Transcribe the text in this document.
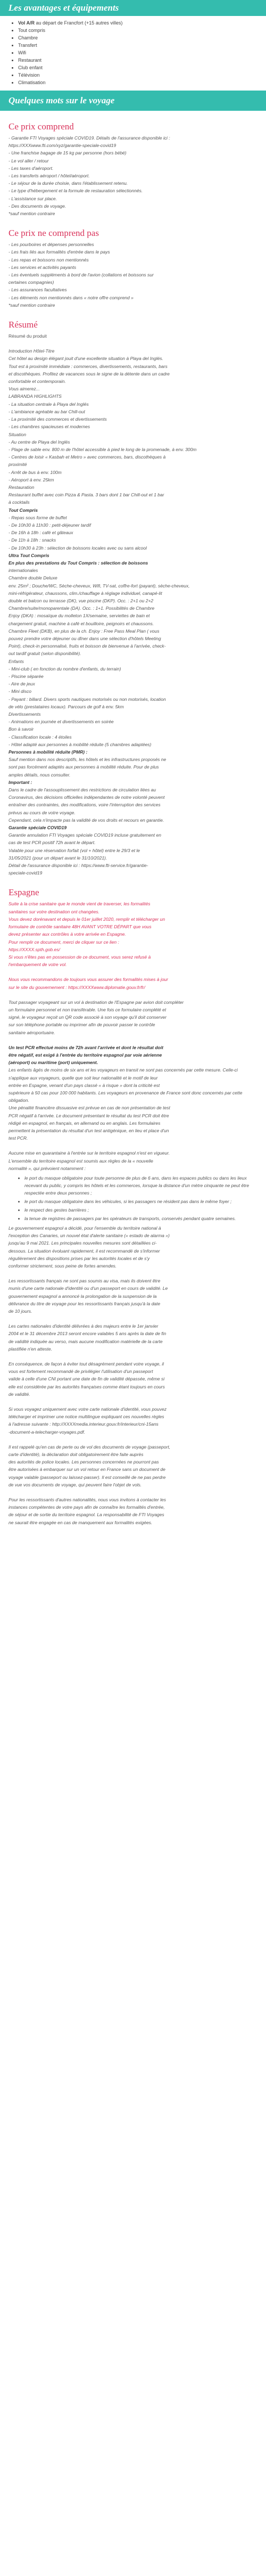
Les avantages et équipements
• Vol A/R au départ de Francfort (+15 autres villes)
• Tout compris
• Chambre
• Transfert
• Wifi
• Restaurant
• Club enfant
• Télévision
• Climatisation
Quelques mots sur le voyage
Ce prix comprend

- Garantie FTI Voyages spéciale COVID19. Détails de l'assurance disponible ici :

https://XXXwww.fti.com/xyz/garantie-speciale-covid19

- Une franchise bagage de 15 kg par personne (hors bébé)

- Le vol aller / retour

- Les taxes d'aéroport.

- Les transferts aéroport / hôtel/aéroport.

- Le séjour de la durée choisie, dans l'établissement retenu.

- Le type d'hébergement et la formule de restauration sélectionnés.

- L'assistance sur place.

- Des documents de voyage.

*sauf mention contraire

Ce prix ne comprend pas

- Les pourboires et dépenses personnelles

- Les frais liés aux formalités d'entrée dans le pays

- Les repas et boissons non mentionnés

- Les services et activités payants

- Les éventuels suppléments à bord de l'avion (collations et boissons sur

certaines compagnies)

- Les assurances facultatives

- Les éléments non mentionnés dans « notre offre comprend »

*sauf mention contraire

Résumé

Résumé du produit

Introduction Hôtel-Titre

Cet hôtel au design élégant jouit d'une excellente situation à Playa del Inglés.

Tout est à proximité immédiate : commerces, divertissements, restaurants, bars

et discothèques. Profitez de vacances sous le signe de la détente dans un cadre

confortable et contemporain.

Vous aimerez...

LABRANDA HIGHLIGHTS

- La situation centrale à Playa del Inglés

- L'ambiance agréable au bar Chill-out

- La proximité des commerces et divertissements

- Les chambres spacieuses et modernes

Situation

- Au centre de Playa del Inglés

- Plage de sable env. 800 m de l'hôtel accessible à pied le long de la promenade, à env. 300m

- Centres de loisir « Kasbah et Metro » avec commerces, bars, discothèques à

proximité

- Arrêt de bus à env. 100m

- Aéroport à env. 25km

Restauration

Restaurant buffet avec coin Pizza & Pasta. 3 bars dont 1 bar Chill-out et 1 bar

à cocktails

Tout Compris

- Repas sous forme de buffet

- De 10h30 à 11h30 : petit-déjeuner tardif

- De 16h à 18h : café et gâteaux

- De 11h à 18h : snacks

- De 10h30 à 23h : sélection de boissons locales avec ou sans alcool

Ultra Tout Compris

En plus des prestations du Tout Compris : sélection de boissons

internationales

Chambre double Deluxe

env. 25m² ; Douche/WC, Sèche-cheveux, Wifi, TV-sat, coffre-fort (payant), sèche-cheveux,

mini-réfrigérateur, chaussons, clim./chauffage à réglage individuel, canapé-lit

double et balcon ou terrasse (DK), vue piscine (DKP). Occ. : 2+1 ou 2+2

Chambre/suite/monoparentale (DA). Occ. : 1+1. Possibilités de Chambre

Enjoy (DKA) : mosaïque du molleton 1X/semaine, serviettes de bain et

chargement gratuit, machine à café et bouilloire, peignoirs et chaussons.

Chambre Fleet (DKB), en plus de la ch. Enjoy : Free Pass Meal Plan ( vous

pouvez prendre votre déjeuner ou dîner dans une sélection d'hôtels Meeting

Point), check-in personnalisé, fruits et boisson de bienvenue à l'arrivée, check-

out tardif gratuit (selon disponibilité).

Enfants

- Mini-club ( en fonction du nombre d'enfants, du terrain)

- Piscine séparée

- Aire de jeux

- Mini disco

- Payant : billard. Divers sports nautiques motorisés ou non motorisés, location

de vélo (prestataires locaux). Parcours de golf à env. 5km

Divertissements

- Animations en journée et divertissements en soirée

Bon à savoir

- Classification locale : 4 étoiles

- Hôtel adapté aux personnes à mobilité réduite (5 chambres adaptées)

Personnes à mobilité réduite (PMR) :

Sauf mention dans nos descriptifs, les hôtels et les infrastructures proposés ne

sont pas forcément adaptés aux personnes à mobilité réduite. Pour de plus

amples détails, nous consulter.

Important :

Dans le cadre de l'assouplissement des restrictions de circulation liées au

Coronavirus, des décisions officielles indépendantes de notre volonté peuvent

entraîner des contraintes, des modifications, voire l'interruption des services

prévus au cours de votre voyage.

Cependant, cela n'impacte pas la validité de vos droits et recours en garantie.

Garantie spéciale COVID19

Garantie annulation FTI Voyages spéciale COVID19 incluse gratuitement en

cas de test PCR positif 72h avant le départ.

Valable pour une réservation forfait (vol + hôtel) entre le 29/3 et le

31/05/2021 (pour un départ avant le 31/10/2021).

Détail de l'assurance disponible ici : https://www.fti-service.fr/garantie-

speciale-covid19

Espagne

Suite à la crise sanitaire que le monde vient de traverser, les formalités

sanitaires sur votre destination ont changées.

Vous devez dorénavant et depuis le 01er juillet 2020, remplir et télécharger un

formulaire de contrôle sanitaire 48H AVANT VOTRE DÉPART que vous

devez présenter aux contrôles à votre arrivée en Espagne.

Pour remplir ce document, merci de cliquer sur ce lien :

https://XXXX.spth.gob.es/

Si vous n'êtes pas en possession de ce document, vous serez refusé à

l'embarquement de votre vol.

Nous vous recommandons de toujours vous assurer des formalités mises à jour

sur le site du gouvernement : https://XXXXwww.diplomatie.gouv.fr/fr/

Tout passager voyageant sur un vol à destination de l'Espagne par avion doit compléter

un formulaire personnel et non transférable. Une fois ce formulaire complété et

signé, le voyageur reçoit un QR code associé à son voyage qu'il doit conserver

sur son téléphone portable ou imprimer afin de pouvoir passer le contrôle

sanitaire aéroportuaire.

Un test PCR effectué moins de 72h avant l'arrivée et dont le résultat doit

être négatif, est exigé à l'entrée du territoire espagnol par voie aérienne

(aéroport) ou maritime (port) uniquement.

Les enfants âgés de moins de six ans et les voyageurs en transit ne sont pas concernés par cette mesure. Celle-ci

s'applique aux voyageurs, quelle que soit leur nationalité et le motif de leur

entrée en Espagne, venant d'un pays classé « à risque » dont la criticité est

supérieure à 50 cas pour 100 000 habitants. Les voyageurs en provenance de France sont donc concernés par cette obligation.

Une pénalité financière dissuasive est prévue en cas de non présentation de test

PCR négatif à l'arrivée. Le document présentant le résultat du test PCR doit être

rédigé en espagnol, en français, en allemand ou en anglais. Les formulaires

permettent la présentation du résultat d'un test antigénique, en lieu et place d'un

test PCR.

Aucune mise en quarantaine à l'entrée sur le territoire espagnol n'est en vigueur.

L'ensemble du territoire espagnol est soumis aux règles de la « nouvelle

normalité », qui prévoient notamment :

• le port du masque obligatoire pour toute personne de plus de 6 ans, dans les espaces publics ou dans les lieux recevant du public, y compris les hôtels et les commerces, lorsque la distance d'un mètre cinquante ne peut être respectée entre deux personnes ;
• le port du masque obligatoire dans les véhicules, si les passagers ne résident pas dans le même foyer ;
• le respect des gestes barrières ;
• la tenue de registres de passagers par les opérateurs de transports, conservés pendant quatre semaines.

Le gouvernement espagnol a décidé, pour l'ensemble du territoire national à

l'exception des Canaries, un nouvel état d'alerte sanitaire (« estado de alarma »)

jusqu'au 9 mai 2021. Les principales nouvelles mesures sont détaillées ci-

dessous. La situation évoluant rapidement, il est recommandé de s'informer

régulièrement des dispositions prises par les autorités locales et de s'y

conformer strictement, sous peine de fortes amendes.

Les ressortissants français ne sont pas soumis au visa, mais ils doivent être

munis d'une carte nationale d'identité ou d'un passeport en cours de validité. Le

gouvernement espagnol a annoncé la prolongation de la suspension de la

délivrance du titre de voyage pour les ressortissants français jusqu'à la date

de 10 jours.

Les cartes nationales d'identité délivrées à des majeurs entre le 1er janvier

2004 et le 31 décembre 2013 seront encore valables 5 ans après la date de fin

de validité indiquée au verso, mais aucune modification matérielle de la carte

plastifiée n'en atteste.

En conséquence, de façon à éviter tout désagrément pendant votre voyage, il

vous est fortement recommandé de privilégier l'utilisation d'un passeport

valide à celle d'une CNI portant une date de fin de validité dépassée, même si

elle est considérée par les autorités françaises comme étant toujours en cours

de validité.

Si vous voyagez uniquement avec votre carte nationale d'identité, vous pouvez

télécharger et imprimer une notice multilingue expliquant ces nouvelles règles

à l'adresse suivante : http://XXXXmedia.interieur.gouv.fr/interieur/cni-15ans

-document-a-telecharger-voyages.pdf.

Il est rappelé qu'en cas de perte ou de vol des documents de voyage (passeport,

carte d'identité), la déclaration doit obligatoirement être faite auprès

des autorités de police locales. Les personnes concernées ne pourront pas

être autorisées à embarquer sur un vol retour en France sans un document de

voyage valable (passeport ou laissez-passer). Il est conseillé de ne pas perdre

de vue vos documents de voyage, qui peuvent faire l'objet de vols.

Pour les ressortissants d'autres nationalités, nous vous invitons à contacter les

instances compétentes de votre pays afin de connaître les formalités d'entrée,

de séjour et de sortie du territoire espagnol. La responsabilité de FTI Voyages

ne saurait être engagée en cas de manquement aux formalités exigées.
